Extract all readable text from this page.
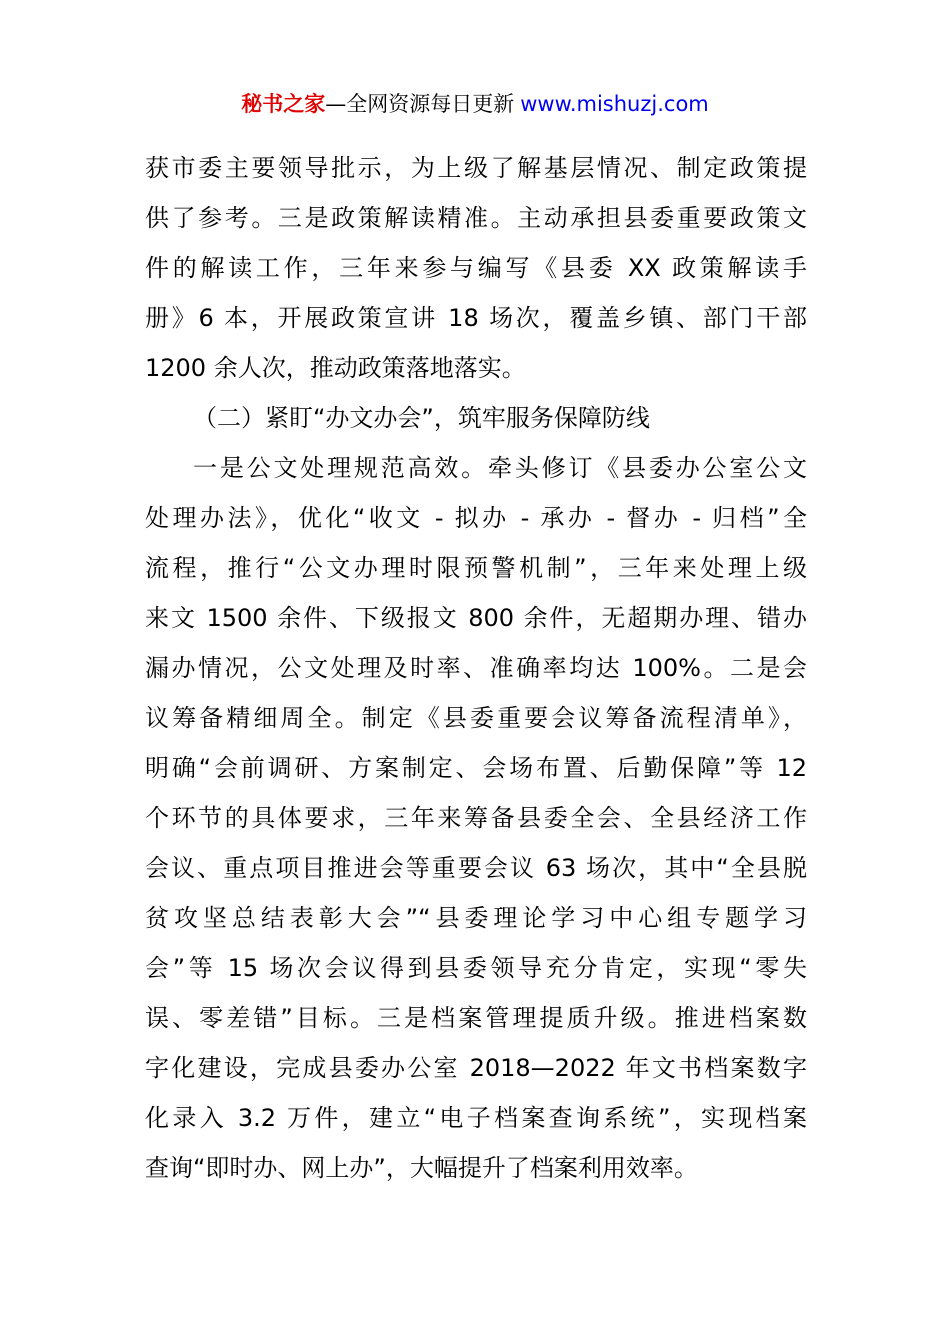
秘书之家—全网资源每日更新 www.mishuzj.com
获市委主要领导批示，为上级了解基层情况、制定政策提
供了参考。三是政策解读精准。主动承担县委重要政策文
件的解读工作，三年来参与编写《县委 XX 政策解读手
册》6 本，开展政策宣讲 18 场次，覆盖乡镇、部门干部
1200 余人次，推动政策落地落实。
（二）紧盯“办文办会”，筑牢服务保障防线
一是公文处理规范高效。牵头修订《县委办公室公文
处理办法》，优化“收文 - 拟办 - 承办 - 督办 - 归档”全
流程，推行“公文办理时限预警机制”，三年来处理上级
来文 1500 余件、下级报文 800 余件，无超期办理、错办
漏办情况，公文处理及时率、准确率均达 100%。二是会
议筹备精细周全。制定《县委重要会议筹备流程清单》，
明确“会前调研、方案制定、会场布置、后勤保障”等 12
个环节的具体要求，三年来筹备县委全会、全县经济工作
会议、重点项目推进会等重要会议 63 场次，其中“全县脱
贫攻坚总结表彰大会”“县委理论学习中心组专题学习
会”等 15 场次会议得到县委领导充分肯定，实现“零失
误、零差错”目标。三是档案管理提质升级。推进档案数
字化建设，完成县委办公室 2018—2022 年文书档案数字
化录入 3.2 万件，建立“电子档案查询系统”，实现档案
查询“即时办、网上办”，大幅提升了档案利用效率。
